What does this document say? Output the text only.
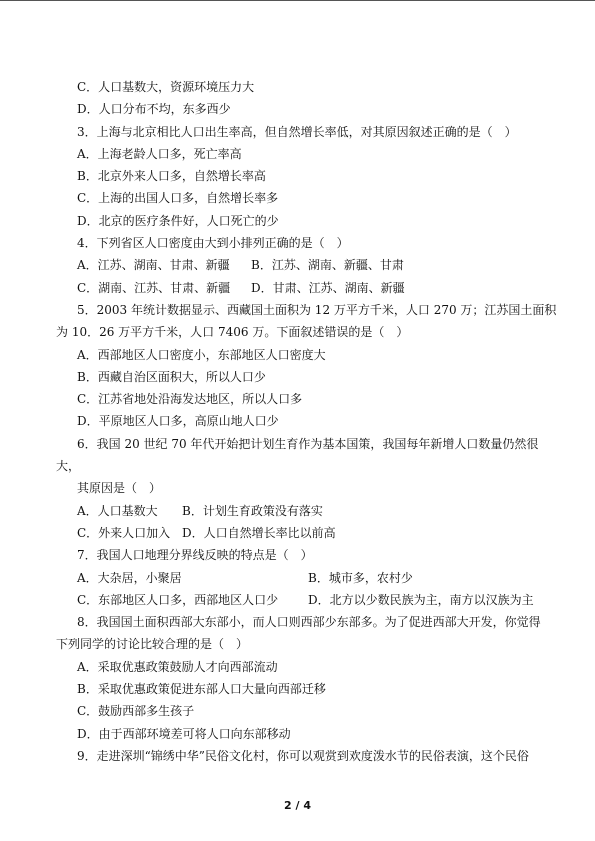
C．人口基数大，资源环境压力大
D．人口分布不均，东多西少
3．上海与北京相比人口出生率高，但自然增长率低，对其原因叙述正确的是（　）
A．上海老龄人口多，死亡率高
B．北京外来人口多，自然增长率高
C．上海的出国人口多，自然增长率多
D．北京的医疗条件好，人口死亡的少
4．下列省区人口密度由大到小排列正确的是（　）
A．江苏、湖南、甘肃、新疆 B．江苏、湖南、新疆、甘肃
C．湖南、江苏、甘肃、新疆 D．甘肃、江苏、湖南、新疆
5．2003 年统计数据显示、西藏国土面积为 12 万平方千米，人口 270 万；江苏国土面积
为 10．26 万平方千米，人口 7406 万。下面叙述错误的是（　）
A．西部地区人口密度小，东部地区人口密度大
B．西藏自治区面积大，所以人口少
C．江苏省地处沿海发达地区，所以人口多
D．平原地区人口多，高原山地人口少
6．我国 20 世纪 70 年代开始把计划生育作为基本国策，我国每年新增人口数量仍然很
大，
其原因是（　）
A．人口基数大 B．计划生育政策没有落实
C．外来人口加入 D．人口自然增长率比以前高
7．我国人口地理分界线反映的特点是（　）
A．大杂居，小聚居	B．城市多，农村少
C．东部地区人口多，西部地区人口少 D．北方以少数民族为主，南方以汉族为主
8．我国国土面积西部大东部小，而人口则西部少东部多。为了促进西部大开发，你觉得
下列同学的讨论比较合理的是（　）
A．采取优惠政策鼓励人才向西部流动
B．采取优惠政策促进东部人口大量向西部迁移
C．鼓励西部多生孩子
D．由于西部环境差可将人口向东部移动
9．走进深圳“锦绣中华”民俗文化村，你可以观赏到欢度泼水节的民俗表演，这个民俗
2 / 4
